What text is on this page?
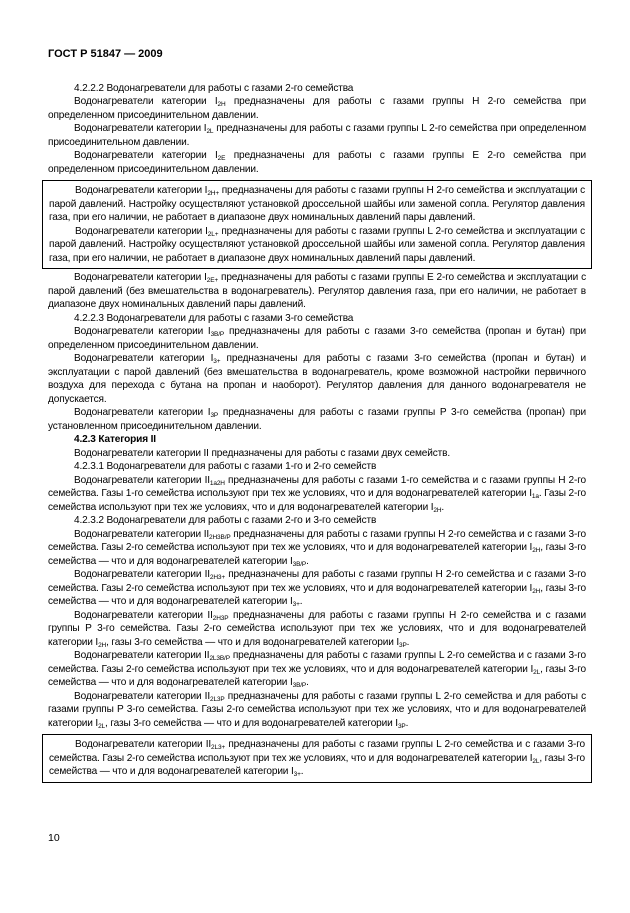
ГОСТ Р 51847 — 2009

4.2.2.2 Водонагреватели для работы с газами 2-го семейства

Водонагреватели категории $I_{2H}$ предназначены для работы с газами группы H 2-го семейства при определенном присоединительном давлении.

Водонагреватели категории $I_{2L}$ предназначены для работы с газами группы L 2-го семейства при определенном присоединительном давлении.

Водонагреватели категории $I_{2E}$ предназначены для работы с газами группы E 2-го семейства при определенном присоединительном давлении.

Водонагреватели категории $I_{2H+}$ предназначены для работы с газами группы H 2-го семейства и эксплуатации с парой давлений. Настройку осуществляют установкой дроссельной шайбы или заменой сопла. Регулятор давления газа, при его наличии, не работает в диапазоне двух номинальных давлений пары давлений.

Водонагреватели категории $I_{2L+}$ предназначены для работы с газами группы L 2-го семейства и эксплуатации с парой давлений. Настройку осуществляют установкой дроссельной шайбы или заменой сопла. Регулятор давления газа, при его наличии, не работает в диапазоне двух номинальных давлений пары давлений.

Водонагреватели категории $I_{2E+}$ предназначены для работы с газами группы E 2-го семейства и эксплуатации с парой давлений (без вмешательства в водонагреватель). Регулятор давления газа, при его наличии, не работает в диапазоне двух номинальных давлений пары давлений.

4.2.2.3 Водонагреватели для работы с газами 3-го семейства

Водонагреватели категории $I_{3B/P}$ предназначены для работы с газами 3-го семейства (пропан и бутан) при определенном присоединительном давлении.

Водонагреватели категории $I_{3+}$ предназначены для работы с газами 3-го семейства (пропан и бутан) и эксплуатации с парой давлений (без вмешательства в водонагреватель, кроме возможной настройки первичного воздуха для перехода с бутана на пропан и наоборот). Регулятор давления для данного водонагревателя не допускается.

Водонагреватели категории $I_{3P}$ предназначены для работы с газами группы P 3-го семейства (пропан) при установленном присоединительном давлении.

4.2.3 Категория II

Водонагреватели категории II предназначены для работы с газами двух семейств.

4.2.3.1 Водонагреватели для работы с газами 1-го и 2-го семейств

Водонагреватели категории $II_{1a2H}$ предназначены для работы с газами 1-го семейства и с газами группы H 2-го семейства. Газы 1-го семейства используют при тех же условиях, что и для водонагревателей категории $I_{1a}$. Газы 2-го семейства используют при тех же условиях, что и для водонагревателей категории $I_{2H}$.

4.2.3.2 Водонагреватели для работы с газами 2-го и 3-го семейств

Водонагреватели категории $II_{2H3B/P}$ предназначены для работы с газами группы H 2-го семейства и с газами 3-го семейства. Газы 2-го семейства используют при тех же условиях, что и для водонагревателей категории $I_{2H}$, газы 3-го семейства — что и для водонагревателей категории $I_{3B/P}$.

Водонагреватели категории $II_{2H3+}$ предназначены для работы с газами группы H 2-го семейства и с газами 3-го семейства. Газы 2-го семейства используют при тех же условиях, что и для водонагревателей категории $I_{2H}$, газы 3-го семейства — что и для водонагревателей категории $I_{3+}$.

Водонагреватели категории $II_{2H3P}$ предназначены для работы с газами группы H 2-го семейства и с газами группы P 3-го семейства. Газы 2-го семейства используют при тех же условиях, что и для водонагревателей категории $I_{2H}$, газы 3-го семейства — что и для водонагревателей категории $I_{3P}$.

Водонагреватели категории $II_{2L3B/P}$ предназначены для работы с газами группы L 2-го семейства и с газами 3-го семейства. Газы 2-го семейства используют при тех же условиях, что и для водонагревателей категории $I_{2L}$, газы 3-го семейства — что и для водонагревателей категории $I_{3B/P}$.

Водонагреватели категории $II_{2L3P}$ предназначены для работы с газами группы L 2-го семейства и для работы с газами группы P 3-го семейства. Газы 2-го семейства используют при тех же условиях, что и для водонагревателей категории $I_{2L}$, газы 3-го семейства — что и для водонагревателей категории $I_{3P}$.

Водонагреватели категории $II_{2L3+}$ предназначены для работы с газами группы L 2-го семейства и с газами 3-го семейства. Газы 2-го семейства используют при тех же условиях, что и для водонагревателей категории $I_{2L}$, газы 3-го семейства — что и для водонагревателей категории $I_{3+}$.

10
